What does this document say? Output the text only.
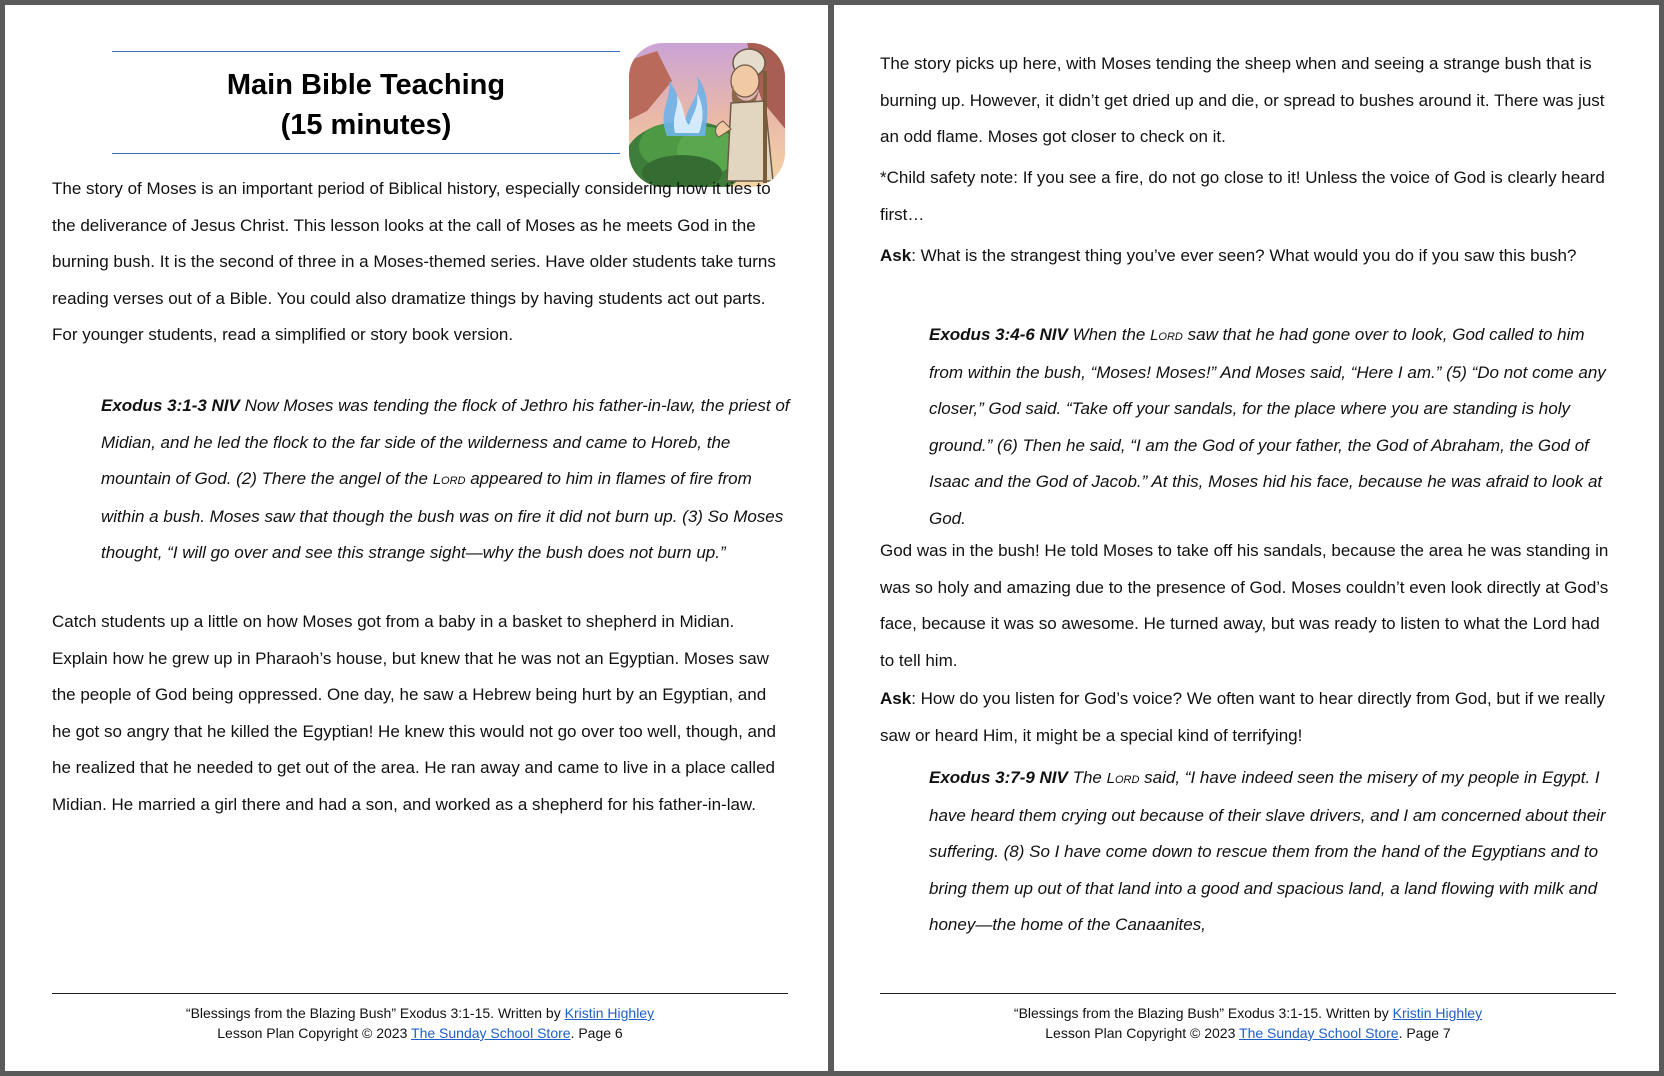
Main Bible Teaching
(15 minutes)

The story of Moses is an important period of Biblical history, especially considering how it ties to the deliverance of Jesus Christ. This lesson looks at the call of Moses as he meets God in the burning bush. It is the second of three in a Moses-themed series. Have older students take turns reading verses out of a Bible. You could also dramatize things by having students act out parts. For younger students, read a simplified or story book version.

Exodus 3:1-3 NIV Now Moses was tending the flock of Jethro his father-in-law, the priest of Midian, and he led the flock to the far side of the wilderness and came to Horeb, the mountain of God. (2) There the angel of the Lord appeared to him in flames of fire from within a bush. Moses saw that though the bush was on fire it did not burn up. (3) So Moses thought, “I will go over and see this strange sight—why the bush does not burn up.”

Catch students up a little on how Moses got from a baby in a basket to shepherd in Midian. Explain how he grew up in Pharaoh’s house, but knew that he was not an Egyptian. Moses saw the people of God being oppressed. One day, he saw a Hebrew being hurt by an Egyptian, and he got so angry that he killed the Egyptian! He knew this would not go over too well, though, and he realized that he needed to get out of the area. He ran away and came to live in a place called Midian. He married a girl there and had a son, and worked as a shepherd for his father-in-law.

“Blessings from the Blazing Bush” Exodus 3:1-15. Written by Kristin Highley
Lesson Plan Copyright © 2023 The Sunday School Store. Page 6

The story picks up here, with Moses tending the sheep when and seeing a strange bush that is burning up. However, it didn’t get dried up and die, or spread to bushes around it. There was just an odd flame. Moses got closer to check on it.

*Child safety note: If you see a fire, do not go close to it! Unless the voice of God is clearly heard first…

Ask: What is the strangest thing you’ve ever seen? What would you do if you saw this bush?

Exodus 3:4-6 NIV When the Lord saw that he had gone over to look, God called to him from within the bush, “Moses! Moses!” And Moses said, “Here I am.” (5) “Do not come any closer,” God said. “Take off your sandals, for the place where you are standing is holy ground.” (6) Then he said, “I am the God of your father, the God of Abraham, the God of Isaac and the God of Jacob.” At this, Moses hid his face, because he was afraid to look at God.

God was in the bush! He told Moses to take off his sandals, because the area he was standing in was so holy and amazing due to the presence of God. Moses couldn’t even look directly at God’s face, because it was so awesome. He turned away, but was ready to listen to what the Lord had to tell him.

Ask: How do you listen for God’s voice? We often want to hear directly from God, but if we really saw or heard Him, it might be a special kind of terrifying!

Exodus 3:7-9 NIV The Lord said, “I have indeed seen the misery of my people in Egypt. I have heard them crying out because of their slave drivers, and I am concerned about their suffering. (8) So I have come down to rescue them from the hand of the Egyptians and to bring them up out of that land into a good and spacious land, a land flowing with milk and honey—the home of the Canaanites,

“Blessings from the Blazing Bush” Exodus 3:1-15. Written by Kristin Highley
Lesson Plan Copyright © 2023 The Sunday School Store. Page 7
